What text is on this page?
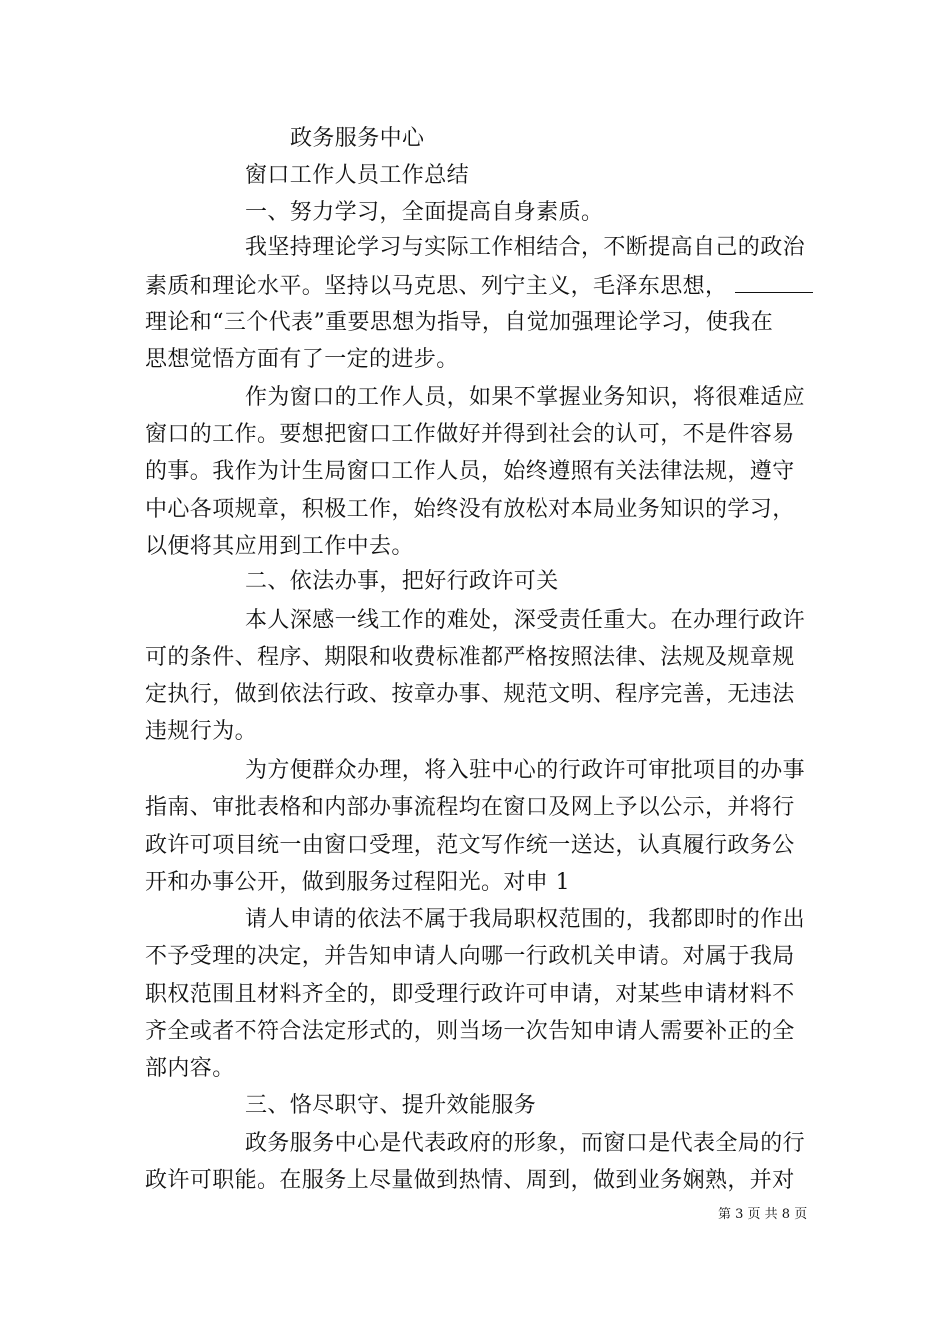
政务服务中心
窗口工作人员工作总结
一、努力学习，全面提高自身素质。
我坚持理论学习与实际工作相结合，不断提高自己的政治
素质和理论水平。坚持以马克思、列宁主义，毛泽东思想，
理论和“三个代表”重要思想为指导，自觉加强理论学习，使我在
思想觉悟方面有了一定的进步。
作为窗口的工作人员，如果不掌握业务知识，将很难适应
窗口的工作。要想把窗口工作做好并得到社会的认可，不是件容易
的事。我作为计生局窗口工作人员，始终遵照有关法律法规，遵守
中心各项规章，积极工作，始终没有放松对本局业务知识的学习，
以便将其应用到工作中去。
二、依法办事，把好行政许可关
本人深感一线工作的难处，深受责任重大。在办理行政许
可的条件、程序、期限和收费标准都严格按照法律、法规及规章规
定执行，做到依法行政、按章办事、规范文明、程序完善，无违法
违规行为。
为方便群众办理，将入驻中心的行政许可审批项目的办事
指南、审批表格和内部办事流程均在窗口及网上予以公示，并将行
政许可项目统一由窗口受理，范文写作统一送达，认真履行政务公
开和办事公开，做到服务过程阳光。对申 1
请人申请的依法不属于我局职权范围的，我都即时的作出
不予受理的决定，并告知申请人向哪一行政机关申请。对属于我局
职权范围且材料齐全的，即受理行政许可申请，对某些申请材料不
齐全或者不符合法定形式的，则当场一次告知申请人需要补正的全
部内容。
三、恪尽职守、提升效能服务
政务服务中心是代表政府的形象，而窗口是代表全局的行
政许可职能。在服务上尽量做到热情、周到，做到业务娴熟，并对
第 3 页 共 8 页
